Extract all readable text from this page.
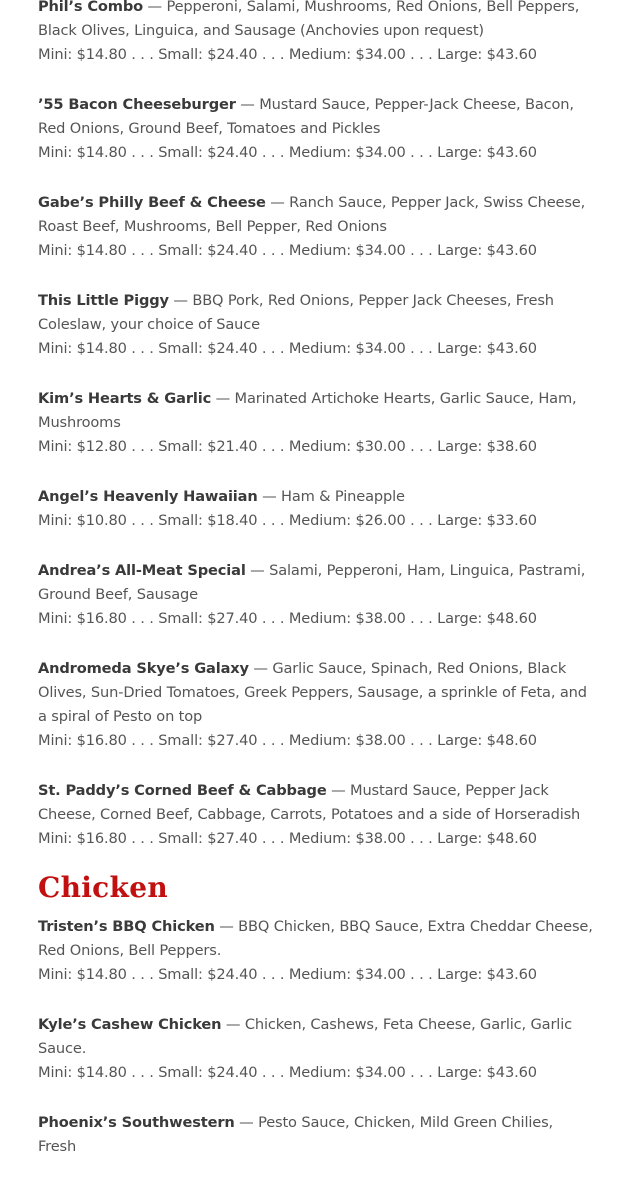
Phil’s Combo — Pepperoni, Salami, Mushrooms, Red Onions, Bell Peppers, Black Olives, Linguica, and Sausage (Anchovies upon request)
Mini: $14.80 . . . Small: $24.40 . . . Medium: $34.00 . . . Large: $43.60
’55 Bacon Cheeseburger — Mustard Sauce, Pepper-Jack Cheese, Bacon, Red Onions, Ground Beef, Tomatoes and Pickles
Mini: $14.80 . . . Small: $24.40 . . . Medium: $34.00 . . . Large: $43.60
Gabe’s Philly Beef & Cheese — Ranch Sauce, Pepper Jack, Swiss Cheese, Roast Beef, Mushrooms, Bell Pepper, Red Onions
Mini: $14.80 . . . Small: $24.40 . . . Medium: $34.00 . . . Large: $43.60
This Little Piggy — BBQ Pork, Red Onions, Pepper Jack Cheeses, Fresh Coleslaw, your choice of Sauce
Mini: $14.80 . . . Small: $24.40 . . . Medium: $34.00 . . . Large: $43.60
Kim’s Hearts & Garlic — Marinated Artichoke Hearts, Garlic Sauce, Ham, Mushrooms
Mini: $12.80 . . . Small: $21.40 . . . Medium: $30.00 . . . Large: $38.60
Angel’s Heavenly Hawaiian — Ham & Pineapple
Mini: $10.80 . . . Small: $18.40 . . . Medium: $26.00 . . . Large: $33.60
Andrea’s All-Meat Special — Salami, Pepperoni, Ham, Linguica, Pastrami, Ground Beef, Sausage
Mini: $16.80 . . . Small: $27.40 . . . Medium: $38.00 . . . Large: $48.60
Andromeda Skye’s Galaxy — Garlic Sauce, Spinach, Red Onions, Black Olives, Sun-Dried Tomatoes, Greek Peppers, Sausage, a sprinkle of Feta, and a spiral of Pesto on top
Mini: $16.80 . . . Small: $27.40 . . . Medium: $38.00 . . . Large: $48.60
St. Paddy’s Corned Beef & Cabbage — Mustard Sauce, Pepper Jack Cheese, Corned Beef, Cabbage, Carrots, Potatoes and a side of Horseradish
Mini: $16.80 . . . Small: $27.40 . . . Medium: $38.00 . . . Large: $48.60
Chicken
Tristen’s BBQ Chicken — BBQ Chicken, BBQ Sauce, Extra Cheddar Cheese, Red Onions, Bell Peppers.
Mini: $14.80 . . . Small: $24.40 . . . Medium: $34.00 . . . Large: $43.60
Kyle’s Cashew Chicken — Chicken, Cashews, Feta Cheese, Garlic, Garlic Sauce.
Mini: $14.80 . . . Small: $24.40 . . . Medium: $34.00 . . . Large: $43.60
Phoenix’s Southwestern — Pesto Sauce, Chicken, Mild Green Chilies, Fresh
